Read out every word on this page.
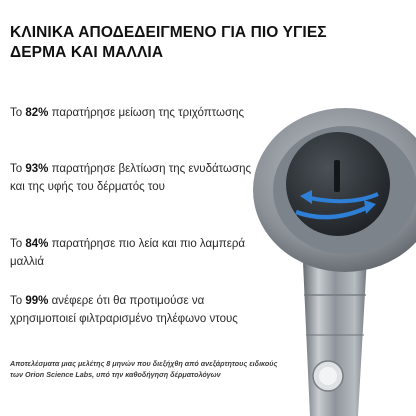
ΚΛΙΝΙΚΑ ΑΠΟΔΕΔΕΙΓΜΕΝΟ ΓΙΑ ΠΙΟ ΥΓΙΕΣ ΔΕΡΜΑ ΚΑΙ ΜΑΛΛΙΑ
Το 82% παρατήρησε μείωση της τριχόπτωσης
Το 93% παρατήρησε βελτίωση της ενυδάτωσης και της υφής του δέρματός του
Το 84% παρατήρησε πιο λεία και πιο λαμπερά μαλλιά
Το 99% ανέφερε ότι θα προτιμούσε να χρησιμοποιεί φιλτραρισμένο τηλέφωνο ντους
Αποτελέσματα μιας μελέτης 8 μηνών που διεξήχθη από ανεξάρτητους ειδικούς των Orion Science Labs, υπό την καθοδήγηση δέρματολόγων
